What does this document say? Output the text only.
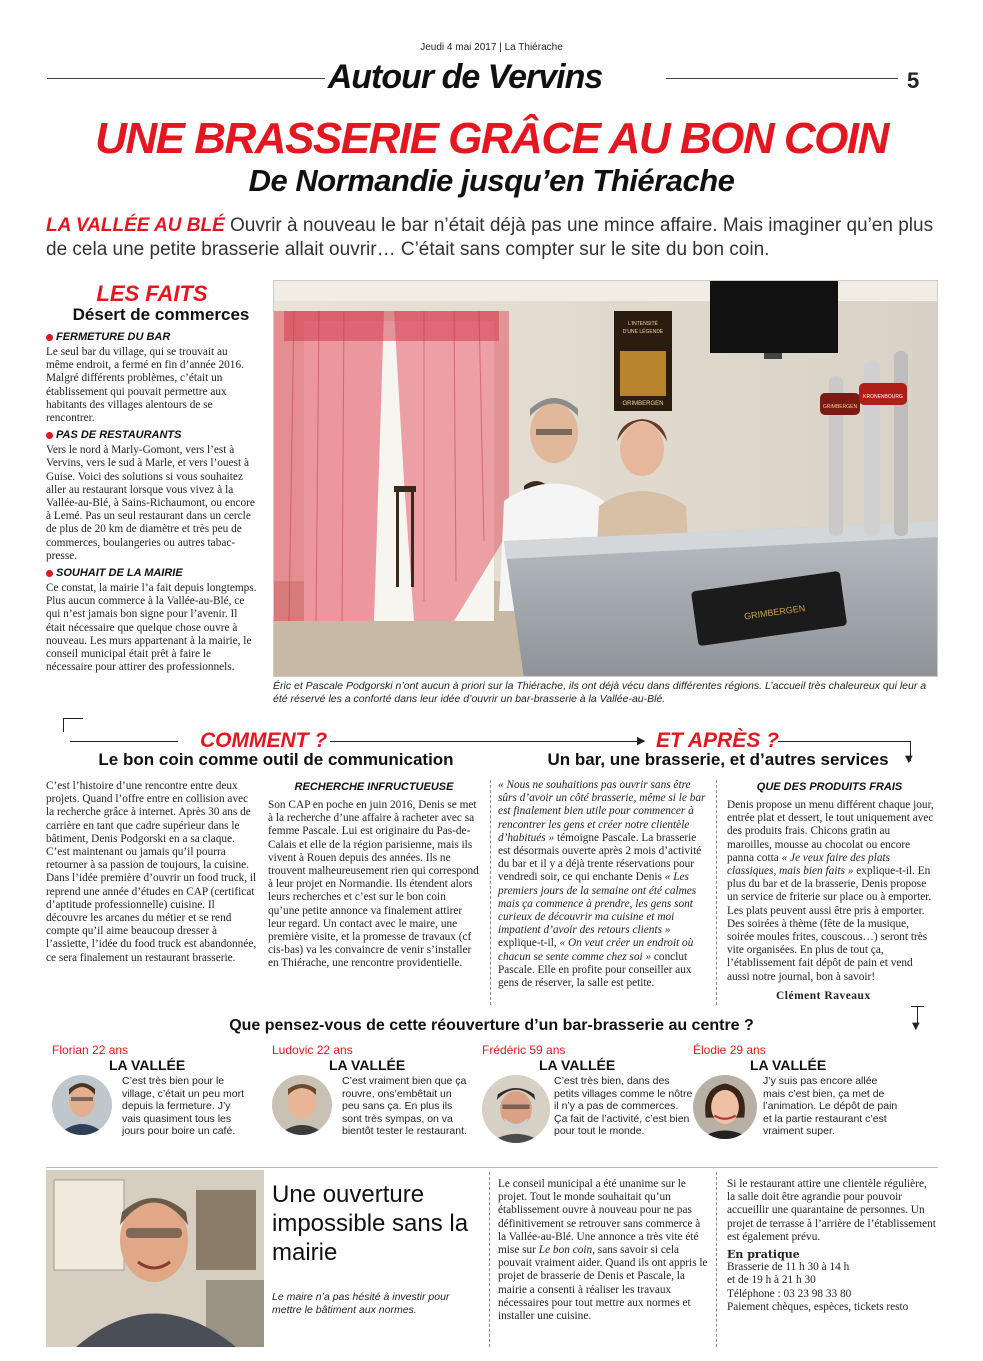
Jeudi 4 mai 2017 | La Thiérache
Autour de Vervins	5
UNE BRASSERIE GRÂCE AU BON COIN
De Normandie jusqu’en Thiérache
LA VALLÉE AU BLÉ Ouvrir à nouveau le bar n’était déjà pas une mince affaire. Mais imaginer qu’en plus de cela une petite brasserie allait ouvrir… C’était sans compter sur le site du bon coin.
LES FAITS
Désert de commerces
FERMETURE DU BAR
Le seul bar du village, qui se trouvait au même endroit, a fermé en fin d’année 2016. Malgré différents problèmes, c’était un établissement qui pouvait permettre aux habitants des villages alentours de se rencontrer.
PAS DE RESTAURANTS
Vers le nord à Marly-Gomont, vers l’est à Vervins, vers le sud à Marle, et vers l’ouest à Guise. Voici des solutions si vous souhaitez aller au restaurant lorsque vous vivez à la Vallée-au-Blé, à Sains-Richaumont, ou encore à Lemé. Pas un seul restaurant dans un cercle de plus de 20 km de diamètre et très peu de commerces, boulangeries ou autres tabac-presse.
SOUHAIT DE LA MAIRIE
Ce constat, la mairie l’a fait depuis longtemps. Plus aucun commerce à la Vallée-au-Blé, ce qui n’est jamais bon signe pour l’avenir. Il était nécessaire que quelque chose ouvre à nouveau. Les murs appartenant à la mairie, le conseil municipal était prêt à faire le nécessaire pour attirer des professionnels.
L’INTENSITÉ
D’UNE LÉGENDE
GRIMBERGEN	GRIMBERGEN
KRONENBOURG
GRIMBERGEN
Éric et Pascale Podgorski n’ont aucun à priori sur la Thiérache, ils ont déjà vécu dans différentes régions. L’accueil très chaleureux qui leur a été réservé les a conforté dans leur idée d’ouvrir un bar-brasserie à la Vallée-au-Blé.
▶
▼
▼
COMMENT ?
Le bon coin comme outil de communication
C’est l’histoire d’une rencontre entre deux projets. Quand l’offre entre en collision avec la recherche grâce à internet. Après 30 ans de carrière en tant que cadre supérieur dans le bâtiment, Denis Podgorski en a sa claque. C’est maintenant ou jamais qu’il pourra retourner à sa passion de toujours, la cuisine. Dans l’idée première d’ouvrir un food truck, il reprend une année d’études en CAP (certificat d’aptitude professionnelle) cuisine. Il découvre les arcanes du métier et se rend compte qu’il aime beaucoup dresser à l’assiette, l’idée du food truck est abandonnée, ce sera finalement un restaurant brasserie.
RECHERCHE INFRUCTUEUSE
Son CAP en poche en juin 2016, Denis se met à la recherche d’une affaire à racheter avec sa femme Pascale. Lui est originaire du Pas-de-Calais et elle de la région parisienne, mais ils vivent à Rouen depuis des années. Ils ne trouvent malheureusement rien qui correspond à leur projet en Normandie. Ils étendent alors leurs recherches et c’est sur le bon coin qu’une petite annonce va finalement attirer leur regard. Un contact avec le maire, une première visite, et la promesse de travaux (cf cis-bas) va les convaincre de venir s’installer en Thiérache, une rencontre providentielle.
ET APRÈS ?
Un bar, une brasserie, et d’autres services
« Nous ne souhaitions pas ouvrir sans être sûrs d’avoir un côté brasserie, même si le bar est finalement bien utile pour commencer à rencontrer les gens et créer notre clientèle d’habitués » témoigne Pascale. La brasserie est désormais ouverte après 2 mois d’activité du bar et il y a déjà trente réservations pour vendredi soir, ce qui enchante Denis « Les premiers jours de la semaine ont été calmes mais ça commence à prendre, les gens sont curieux de découvrir ma cuisine et moi impatient d’avoir des retours clients » explique-t-il, « On veut créer un endroit où chacun se sente comme chez soi » conclut Pascale. Elle en profite pour conseiller aux gens de réserver, la salle est petite.
QUE DES PRODUITS FRAIS
Denis propose un menu différent chaque jour, entrée plat et dessert, le tout uniquement avec des produits frais. Chicons gratin au maroilles, mousse au chocolat ou encore panna cotta « Je veux faire des plats classiques, mais bien faits » explique-t-il. En plus du bar et de la brasserie, Denis propose un service de friterie sur place ou à emporter. Les plats peuvent aussi être pris à emporter. Des soirées à thème (fête de la musique, soirée moules frites, couscous…) seront très vite organisées. En plus de tout ça, l’établissement fait dépôt de pain et vend aussi notre journal, bon à savoir!
Clément Raveaux
Que pensez-vous de cette réouverture d’un bar-brasserie au centre ?
Florian 22 ans
LA VALLÉE
C’est très bien pour le village, c’était un peu mort depuis la fermeture. J’y vais quasiment tous les jours pour boire un café.
Ludovic 22 ans
LA VALLÉE
C’est vraiment bien que ça rouvre, ons’embêtait un peu sans ça. En plus ils sont très sympas, on va bientôt tester le restaurant.
Frédéric 59 ans
LA VALLÉE
C’est très bien, dans des petits villages comme le nôtre il n’y a pas de commerces. Ça fait de l’activité, c’est bien pour tout le monde.
Élodie 29 ans
LA VALLÉE
J’y suis pas encore allée mais c’est bien, ça met de l’animation. Le dépôt de pain et la partie restaurant c’est vraiment super.
Une ouverture impossible sans la mairie
Le maire n’a pas hésité à investir pour mettre le bâtiment aux normes.
Le conseil municipal a été unanime sur le projet. Tout le monde souhaitait qu’un établissement ouvre à nouveau pour ne pas définitivement se retrouver sans commerce à la Vallée-au-Blé. Une annonce a très vite été mise sur Le bon coin, sans savoir si cela pouvait vraiment aider. Quand ils ont appris le projet de brasserie de Denis et Pascale, la mairie a consenti à réaliser les travaux nécessaires pour tout mettre aux normes et installer une cuisine.
Si le restaurant attire une clientèle régulière, la salle doit être agrandie pour pouvoir accueillir une quarantaine de personnes. Un projet de terrasse à l’arrière de l’établissement est également prévu.
En pratique
Brasserie de 11 h 30 à 14 h
et de 19 h à 21 h 30
Téléphone : 03 23 98 33 80
Paiement chèques, espèces, tickets resto
